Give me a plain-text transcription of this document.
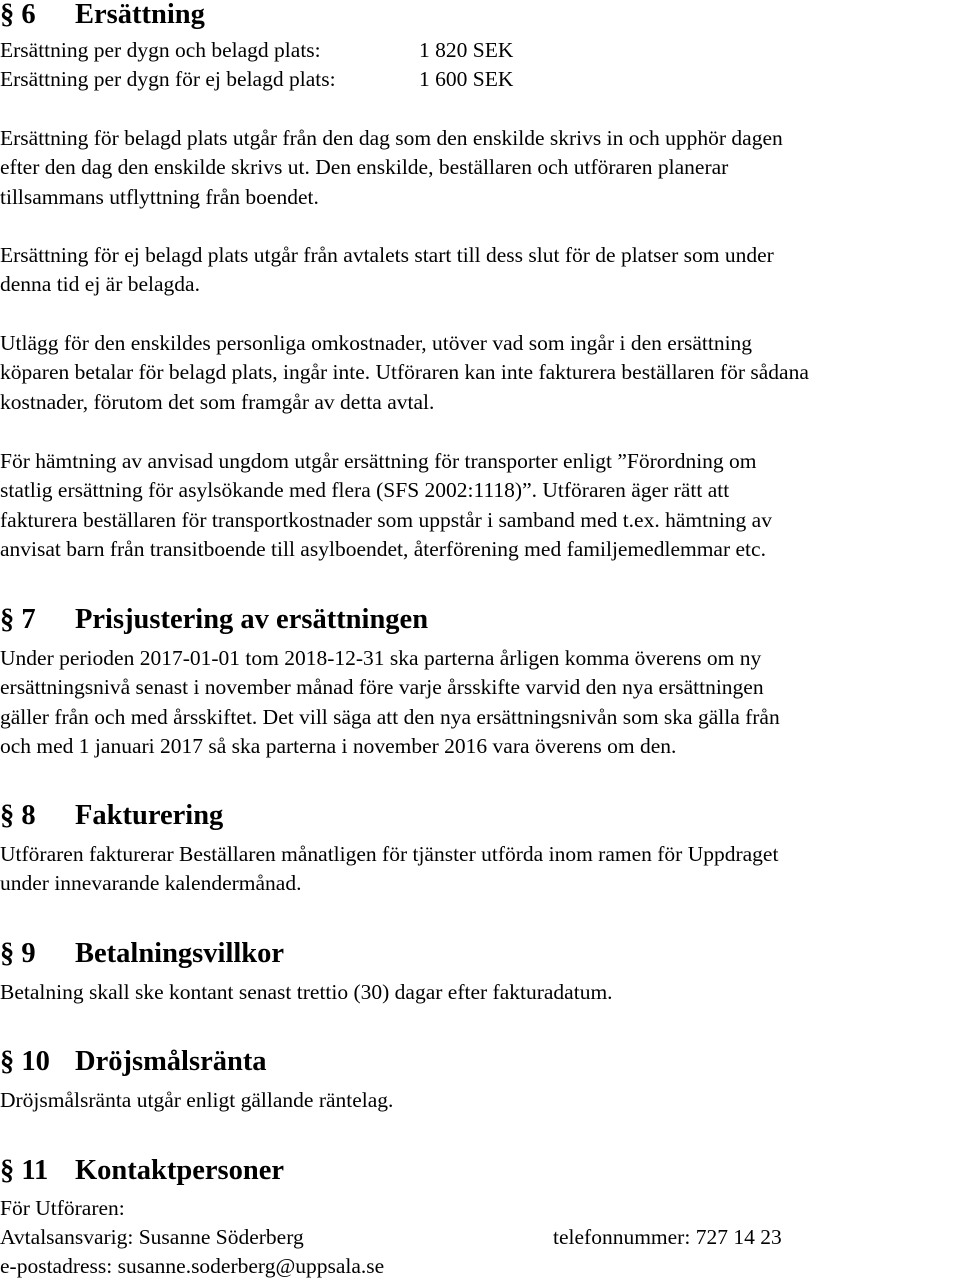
§ 6 Ersättning
Ersättning per dygn och belagd plats:	1 820 SEK
Ersättning per dygn för ej belagd plats:	1 600 SEK

Ersättning för belagd plats utgår från den dag som den enskilde skrivs in och upphör dagen
efter den dag den enskilde skrivs ut. Den enskilde, beställaren och utföraren planerar
tillsammans utflyttning från boendet.

Ersättning för ej belagd plats utgår från avtalets start till dess slut för de platser som under
denna tid ej är belagda.

Utlägg för den enskildes personliga omkostnader, utöver vad som ingår i den ersättning
köparen betalar för belagd plats, ingår inte. Utföraren kan inte fakturera beställaren för sådana
kostnader, förutom det som framgår av detta avtal.

För hämtning av anvisad ungdom utgår ersättning för transporter enligt ”Förordning om
statlig ersättning för asylsökande med flera (SFS 2002:1118)”. Utföraren äger rätt att
fakturera beställaren för transportkostnader som uppstår i samband med t.ex. hämtning av
anvisat barn från transitboende till asylboendet, återförening med familjemedlemmar etc.

§ 7 Prisjustering av ersättningen

Under perioden 2017-01-01 tom 2018-12-31 ska parterna årligen komma överens om ny
ersättningsnivå senast i november månad före varje årsskifte varvid den nya ersättningen
gäller från och med årsskiftet. Det vill säga att den nya ersättningsnivån som ska gälla från
och med 1 januari 2017 så ska parterna i november 2016 vara överens om den.

§ 8 Fakturering

Utföraren fakturerar Beställaren månatligen för tjänster utförda inom ramen för Uppdraget
under innevarande kalendermånad.

§ 9 Betalningsvillkor

Betalning skall ske kontant senast trettio (30) dagar efter fakturadatum.

§ 10 Dröjsmålsränta

Dröjsmålsränta utgår enligt gällande räntelag.

§ 11 Kontaktpersoner
För Utföraren:
Avtalsansvarig: Susanne Söderberg	telefonnummer: 727 14 23
e-postadress: susanne.soderberg@uppsala.se
